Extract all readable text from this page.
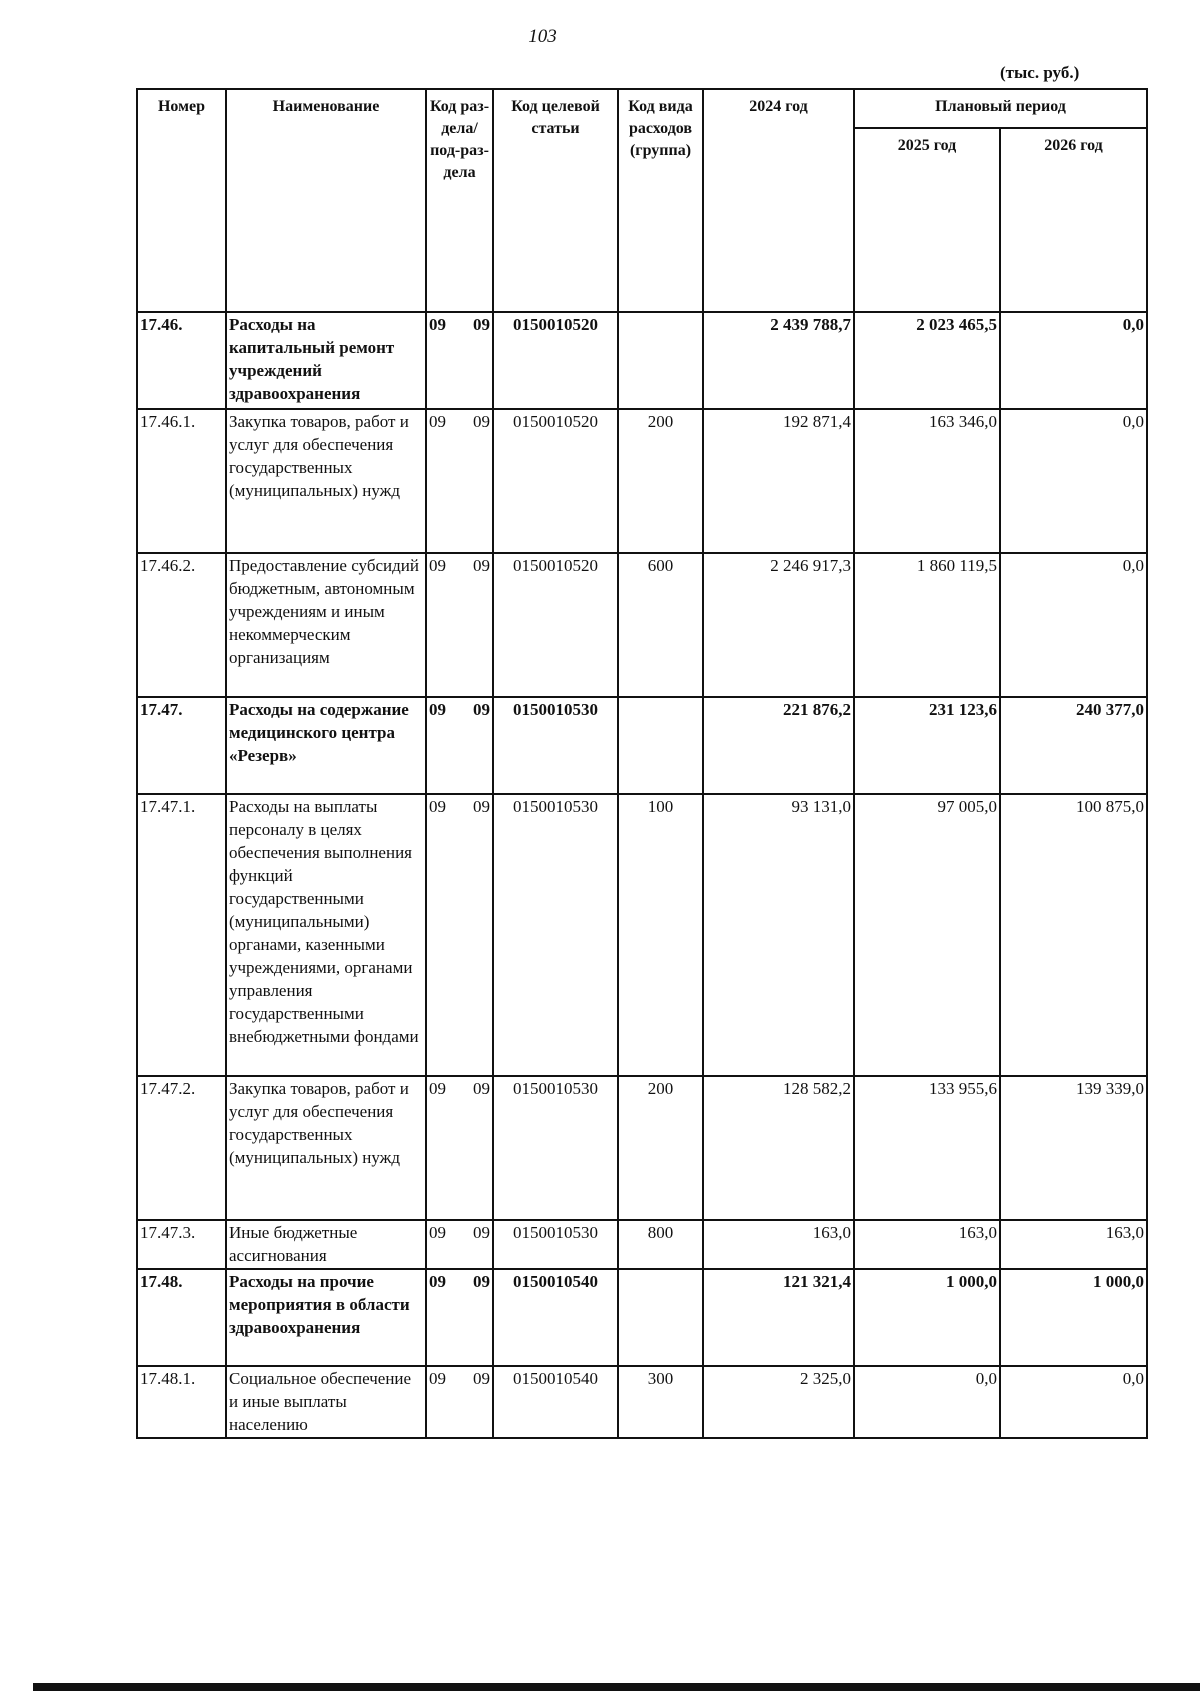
103
(тыс. руб.)
Номер	Наименование	Код раз-дела/ под-раз-дела	Код целевой статьи	Код вида расходов (группа)	2024 год	Плановый период	
						2025 год	2026 год
17.46.	Расходы на капитальный ремонт учреждений здравоохранения	09 09	0150010520		2 439 788,7	2 023 465,5	0,0
17.46.1.	Закупка товаров, работ и услуг для обеспечения государственных (муниципальных) нужд	09 09	0150010520	200	192 871,4	163 346,0	0,0
17.46.2.	Предоставление субсидий бюджетным, автономным учреждениям и иным некоммерческим организациям	09 09	0150010520	600	2 246 917,3	1 860 119,5	0,0
17.47.	Расходы на содержание медицинского центра «Резерв»	09 09	0150010530		221 876,2	231 123,6	240 377,0
17.47.1.	Расходы на выплаты персоналу в целях обеспечения выполнения функций государственными (муниципальными) органами, казенными учреждениями, органами управления государственными внебюджетными фондами	09 09	0150010530	100	93 131,0	97 005,0	100 875,0
17.47.2.	Закупка товаров, работ и услуг для обеспечения государственных (муниципальных) нужд	09 09	0150010530	200	128 582,2	133 955,6	139 339,0
17.47.3.	Иные бюджетные ассигнования	09 09	0150010530	800	163,0	163,0	163,0
17.48.	Расходы на прочие мероприятия в области здравоохранения	09 09	0150010540		121 321,4	1 000,0	1 000,0
17.48.1.	Социальное обеспечение и иные выплаты населению	09 09	0150010540	300	2 325,0	0,0	0,0
